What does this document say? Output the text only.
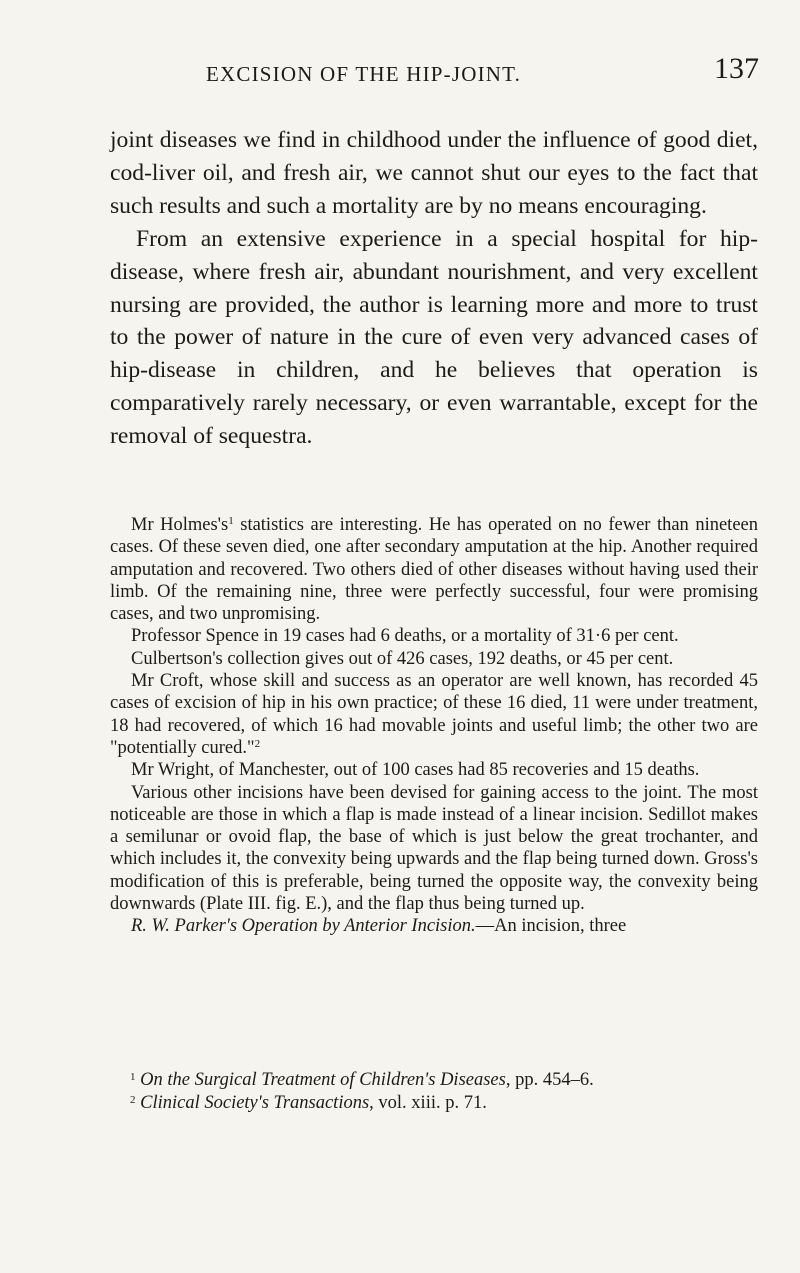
EXCISION OF THE HIP-JOINT.	137

joint diseases we find in childhood under the influence of good diet, cod-liver oil, and fresh air, we cannot shut our eyes to the fact that such results and such a mortality are by no means encouraging.

From an extensive experience in a special hospital for hip-disease, where fresh air, abundant nourishment, and very excellent nursing are provided, the author is learning more and more to trust to the power of nature in the cure of even very advanced cases of hip-disease in children, and he believes that operation is comparatively rarely necessary, or even warrantable, except for the removal of sequestra.

Mr $Holmes's^1$ statistics are interesting. He has operated on no fewer than nineteen cases. Of these seven died, one after secondary amputation at the hip. Another required amputation and recovered. Two others died of other diseases without having used their limb. Of the remaining nine, three were perfectly successful, four were promising cases, and two unpromising.

Professor Spence in 19 cases had 6 deaths, or a mortality of 31·6 per cent.

Culbertson's collection gives out of 426 cases, 192 deaths, or 45 per cent.

Mr Croft, whose skill and success as an operator are well known, has recorded 45 cases of excision of hip in his own practice; of these 16 died, 11 were under treatment, 18 had recovered, of which 16 had movable joints and useful limb; the other two are "potentially cured."$^2$

Mr Wright, of Manchester, out of 100 cases had 85 recoveries and 15 deaths.

Various other incisions have been devised for gaining access to the joint. The most noticeable are those in which a flap is made instead of a linear incision. Sedillot makes a semilunar or ovoid flap, the base of which is just below the great trochanter, and which includes it, the convexity being upwards and the flap being turned down. Gross's modification of this is preferable, being turned the opposite way, the convexity being downwards (Plate III. fig. E.), and the flap thus being turned up.

R. W. Parker's Operation by Anterior Incision.—An incision, three

$^1$ On the Surgical Treatment of Children's Diseases, pp. 454–6.

$^2$ Clinical Society's Transactions, vol. xiii. p. 71.
